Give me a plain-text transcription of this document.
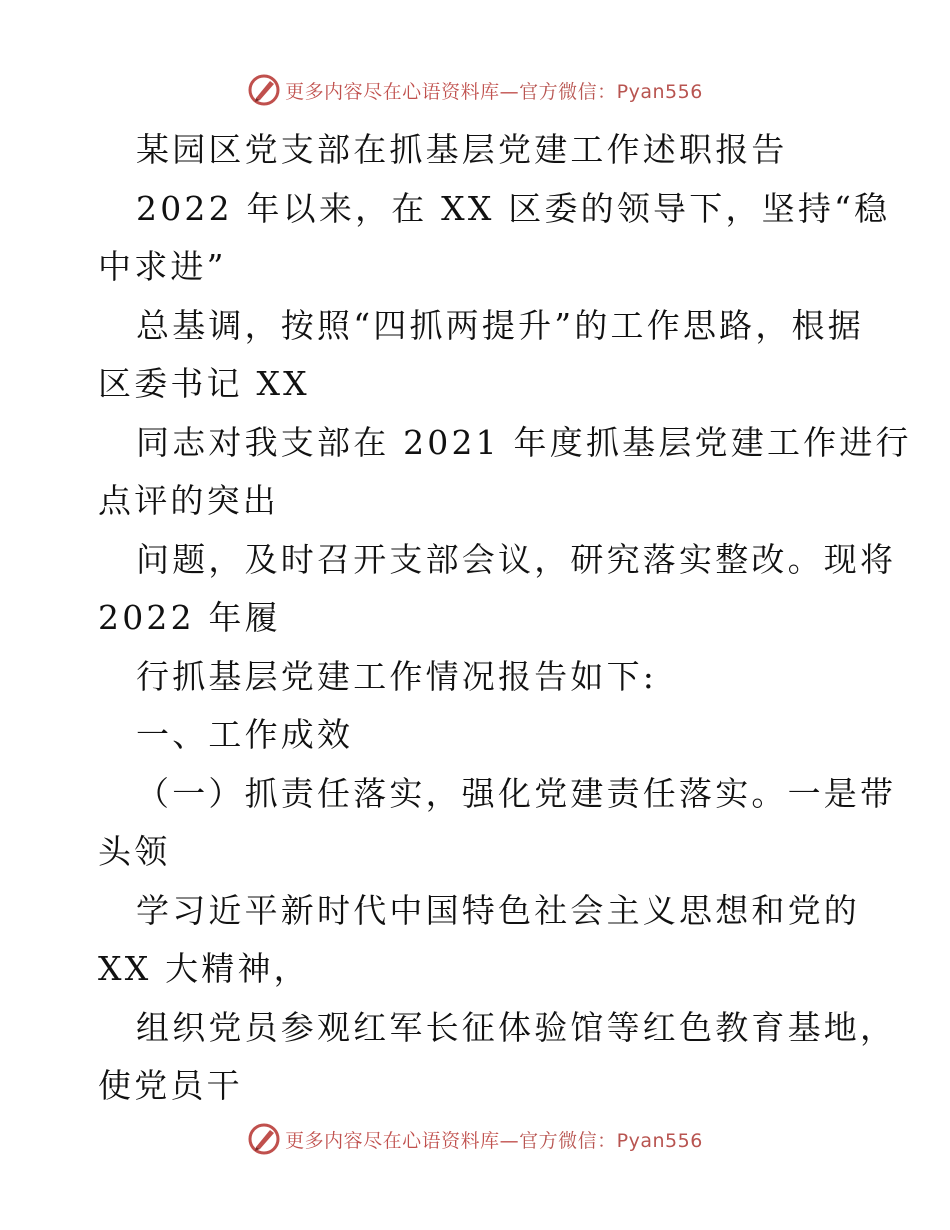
更多内容尽在心语资料库—官方微信：Pyan556
某园区党支部在抓基层党建工作述职报告
2022 年以来，在 XX 区委的领导下，坚持“稳
中求进”
总基调，按照“四抓两提升”的工作思路，根据
区委书记 XX
同志对我支部在 2021 年度抓基层党建工作进行
点评的突出
问题，及时召开支部会议，研究落实整改。现将
2022 年履
行抓基层党建工作情况报告如下:
一、工作成效
（一）抓责任落实，强化党建责任落实。一是带
头领
学习近平新时代中国特色社会主义思想和党的
XX 大精神，
组织党员参观红军长征体验馆等红色教育基地，
使党员干
更多内容尽在心语资料库—官方微信：Pyan556
